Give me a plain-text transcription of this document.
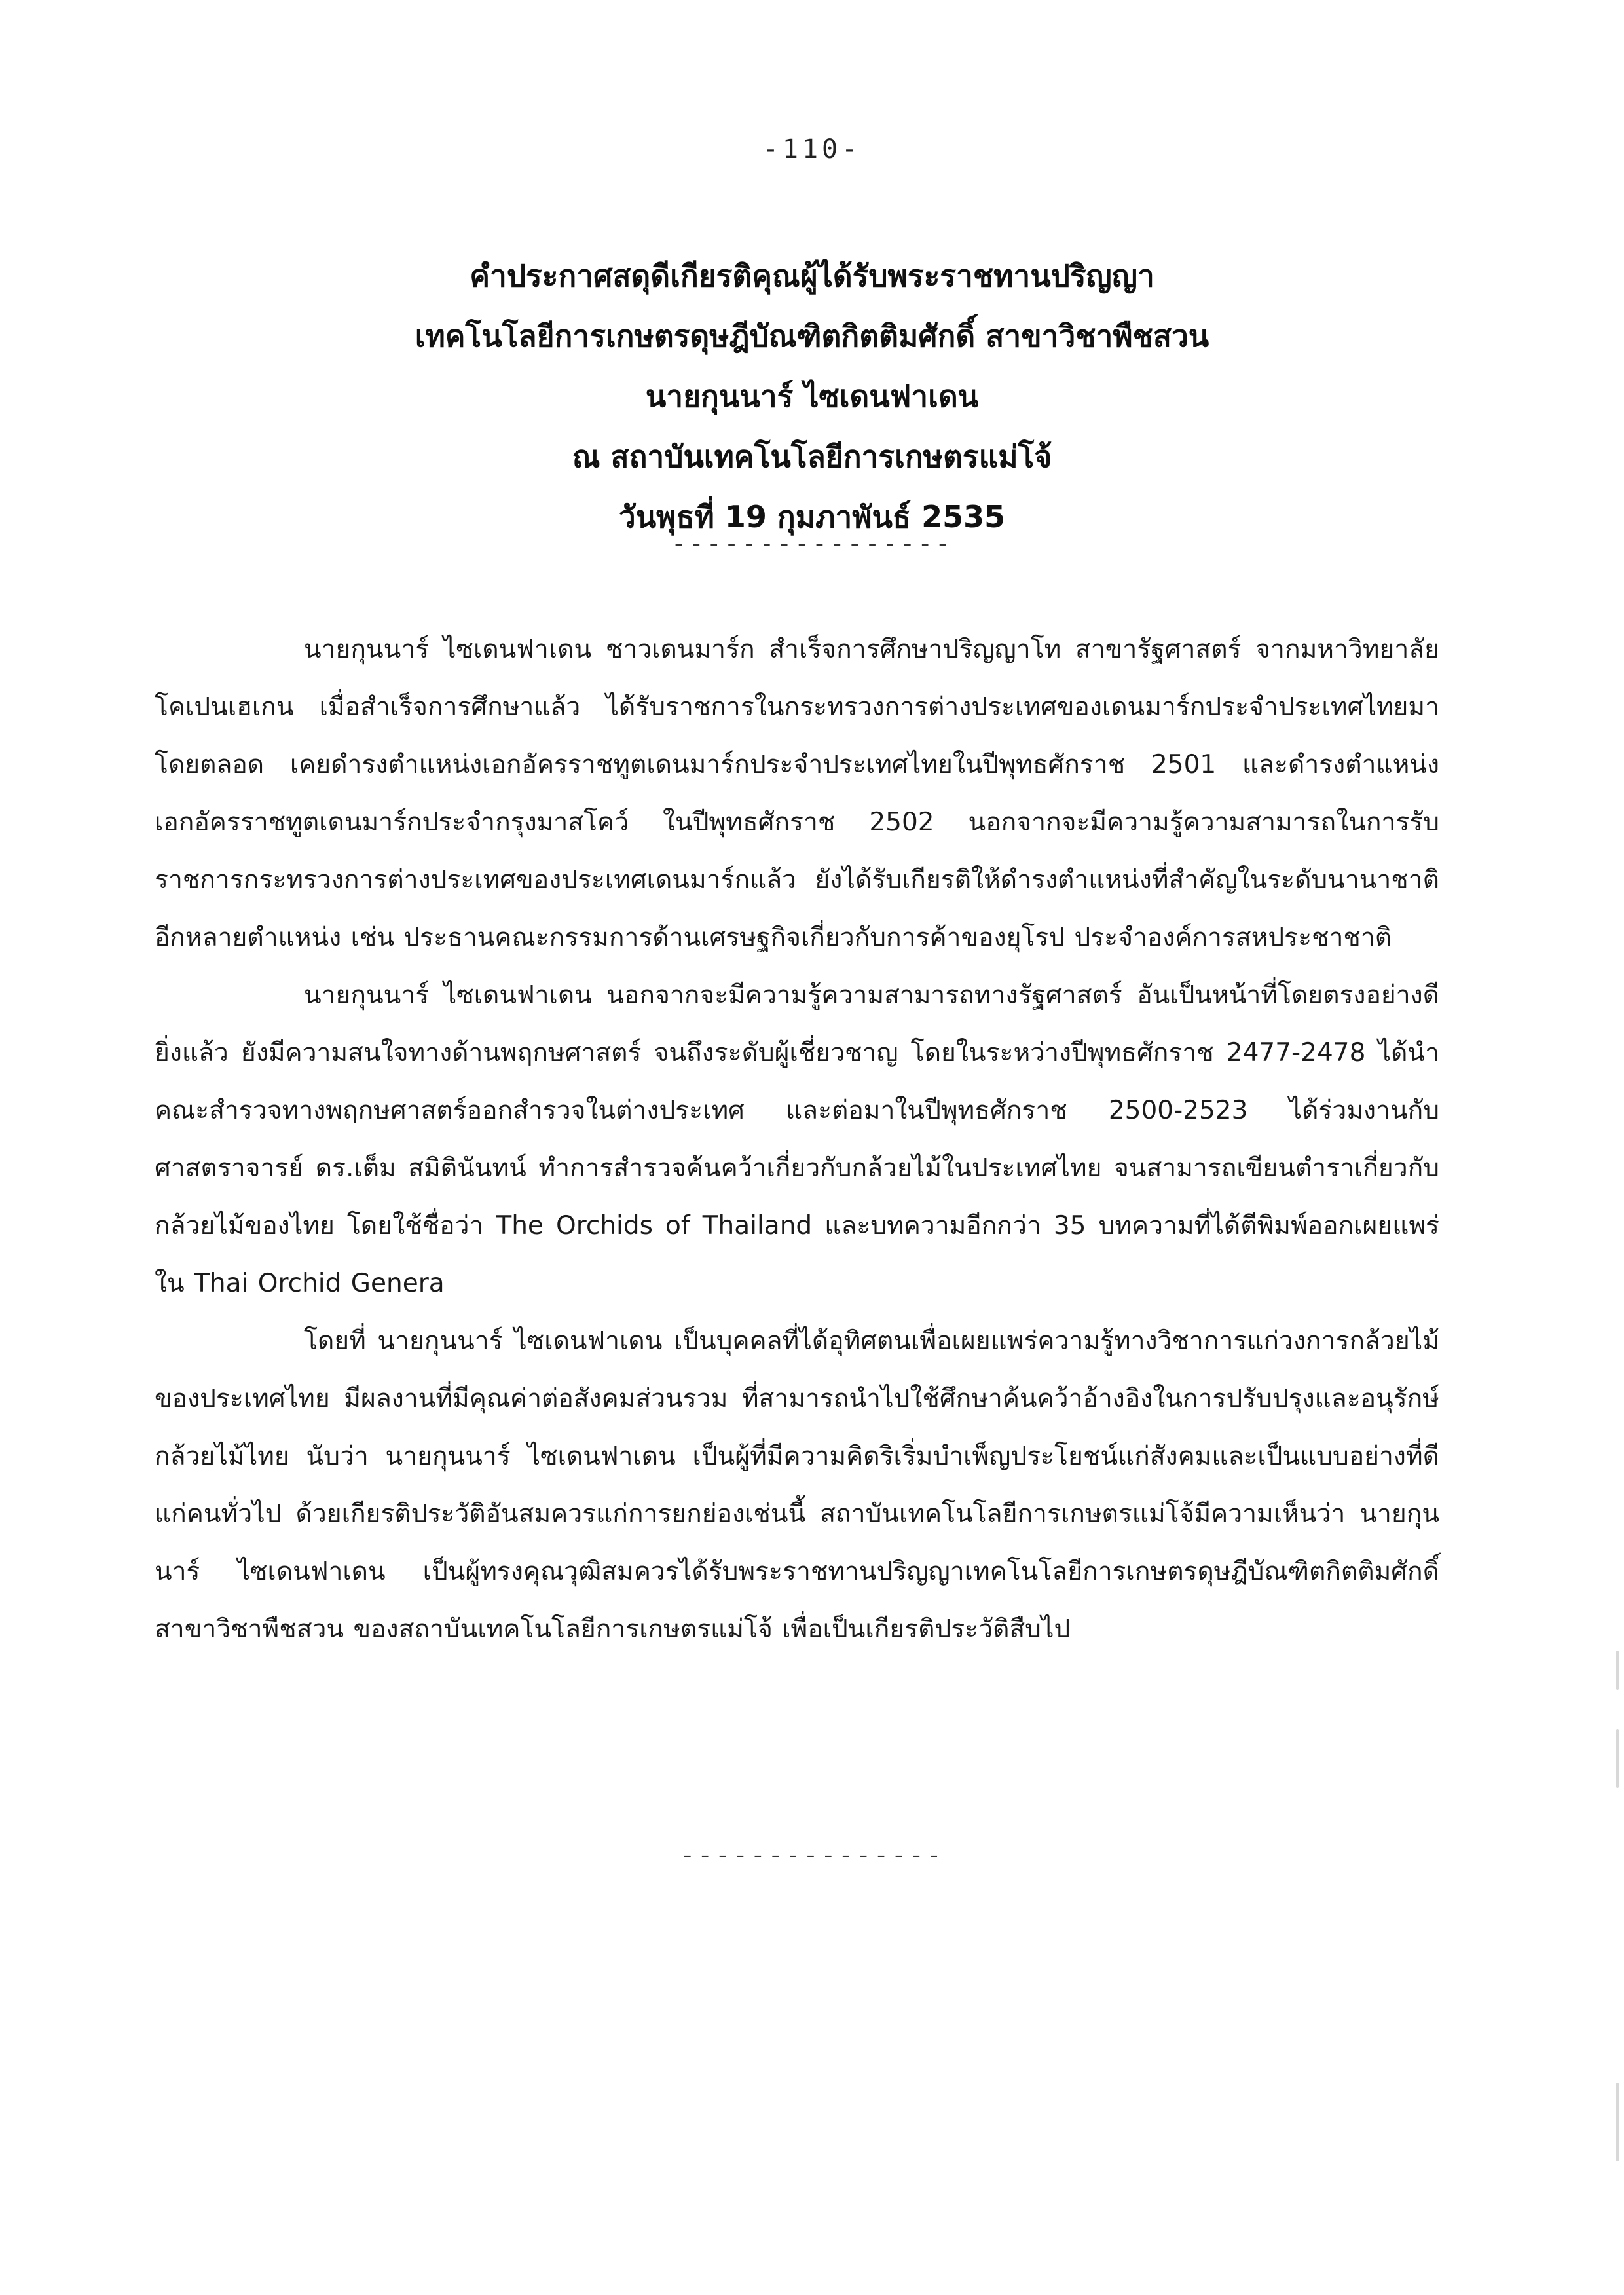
-110-
คำประกาศสดุดีเกียรติคุณผู้ได้รับพระราชทานปริญญา
เทคโนโลยีการเกษตรดุษฎีบัณฑิตกิตติมศักดิ์ สาขาวิชาพืชสวน
นายกุนนาร์ ไซเดนฟาเดน
ณ สถาบันเทคโนโลยีการเกษตรแม่โจ้
วันพุธที่ 19 กุมภาพันธ์ 2535
----------------

นายกุนนาร์ ไซเดนฟาเดน ชาวเดนมาร์ก สำเร็จการศึกษาปริญญาโท สาขารัฐศาสตร์ จากมหาวิทยาลัยโคเปนเฮเกน เมื่อสำเร็จการศึกษาแล้ว ได้รับราชการในกระทรวงการต่างประเทศของเดนมาร์กประจำประเทศไทยมาโดยตลอด เคยดำรงตำแหน่งเอกอัครราชทูตเดนมาร์กประจำประเทศไทยในปีพุทธศักราช 2501 และดำรงตำแหน่งเอกอัครราชทูตเดนมาร์กประจำกรุงมาสโคว์ ในปีพุทธศักราช 2502 นอกจากจะมีความรู้ความสามารถในการรับราชการกระทรวงการต่างประเทศของประเทศเดนมาร์กแล้ว ยังได้รับเกียรติให้ดำรงตำแหน่งที่สำคัญในระดับนานาชาติอีกหลายตำแหน่ง เช่น ประธานคณะกรรมการด้านเศรษฐกิจเกี่ยวกับการค้าของยุโรป ประจำองค์การสหประชาชาติ

นายกุนนาร์ ไซเดนฟาเดน นอกจากจะมีความรู้ความสามารถทางรัฐศาสตร์ อันเป็นหน้าที่โดยตรงอย่างดียิ่งแล้ว ยังมีความสนใจทางด้านพฤกษศาสตร์ จนถึงระดับผู้เชี่ยวชาญ โดยในระหว่างปีพุทธศักราช 2477-2478 ได้นำคณะสำรวจทางพฤกษศาสตร์ออกสำรวจในต่างประเทศ และต่อมาในปีพุทธศักราช 2500-2523 ได้ร่วมงานกับศาสตราจารย์ ดร.เต็ม สมิตินันทน์ ทำการสำรวจค้นคว้าเกี่ยวกับกล้วยไม้ในประเทศไทย จนสามารถเขียนตำราเกี่ยวกับกล้วยไม้ของไทย โดยใช้ชื่อว่า The Orchids of Thailand และบทความอีกกว่า 35 บทความที่ได้ตีพิมพ์ออกเผยแพร่ใน Thai Orchid Genera

โดยที่ นายกุนนาร์ ไซเดนฟาเดน เป็นบุคคลที่ได้อุทิศตนเพื่อเผยแพร่ความรู้ทางวิชาการแก่วงการกล้วยไม้ของประเทศไทย มีผลงานที่มีคุณค่าต่อสังคมส่วนรวม ที่สามารถนำไปใช้ศึกษาค้นคว้าอ้างอิงในการปรับปรุงและอนุรักษ์กล้วยไม้ไทย นับว่า นายกุนนาร์ ไซเดนฟาเดน เป็นผู้ที่มีความคิดริเริ่มบำเพ็ญประโยชน์แก่สังคมและเป็นแบบอย่างที่ดีแก่คนทั่วไป ด้วยเกียรติประวัติอันสมควรแก่การยกย่องเช่นนี้ สถาบันเทคโนโลยีการเกษตรแม่โจ้มีความเห็นว่า นายกุนนาร์ ไซเดนฟาเดน เป็นผู้ทรงคุณวุฒิสมควรได้รับพระราชทานปริญญาเทคโนโลยีการเกษตรดุษฎีบัณฑิตกิตติมศักดิ์ สาขาวิชาพืชสวน ของสถาบันเทคโนโลยีการเกษตรแม่โจ้ เพื่อเป็นเกียรติประวัติสืบไป

---------------
